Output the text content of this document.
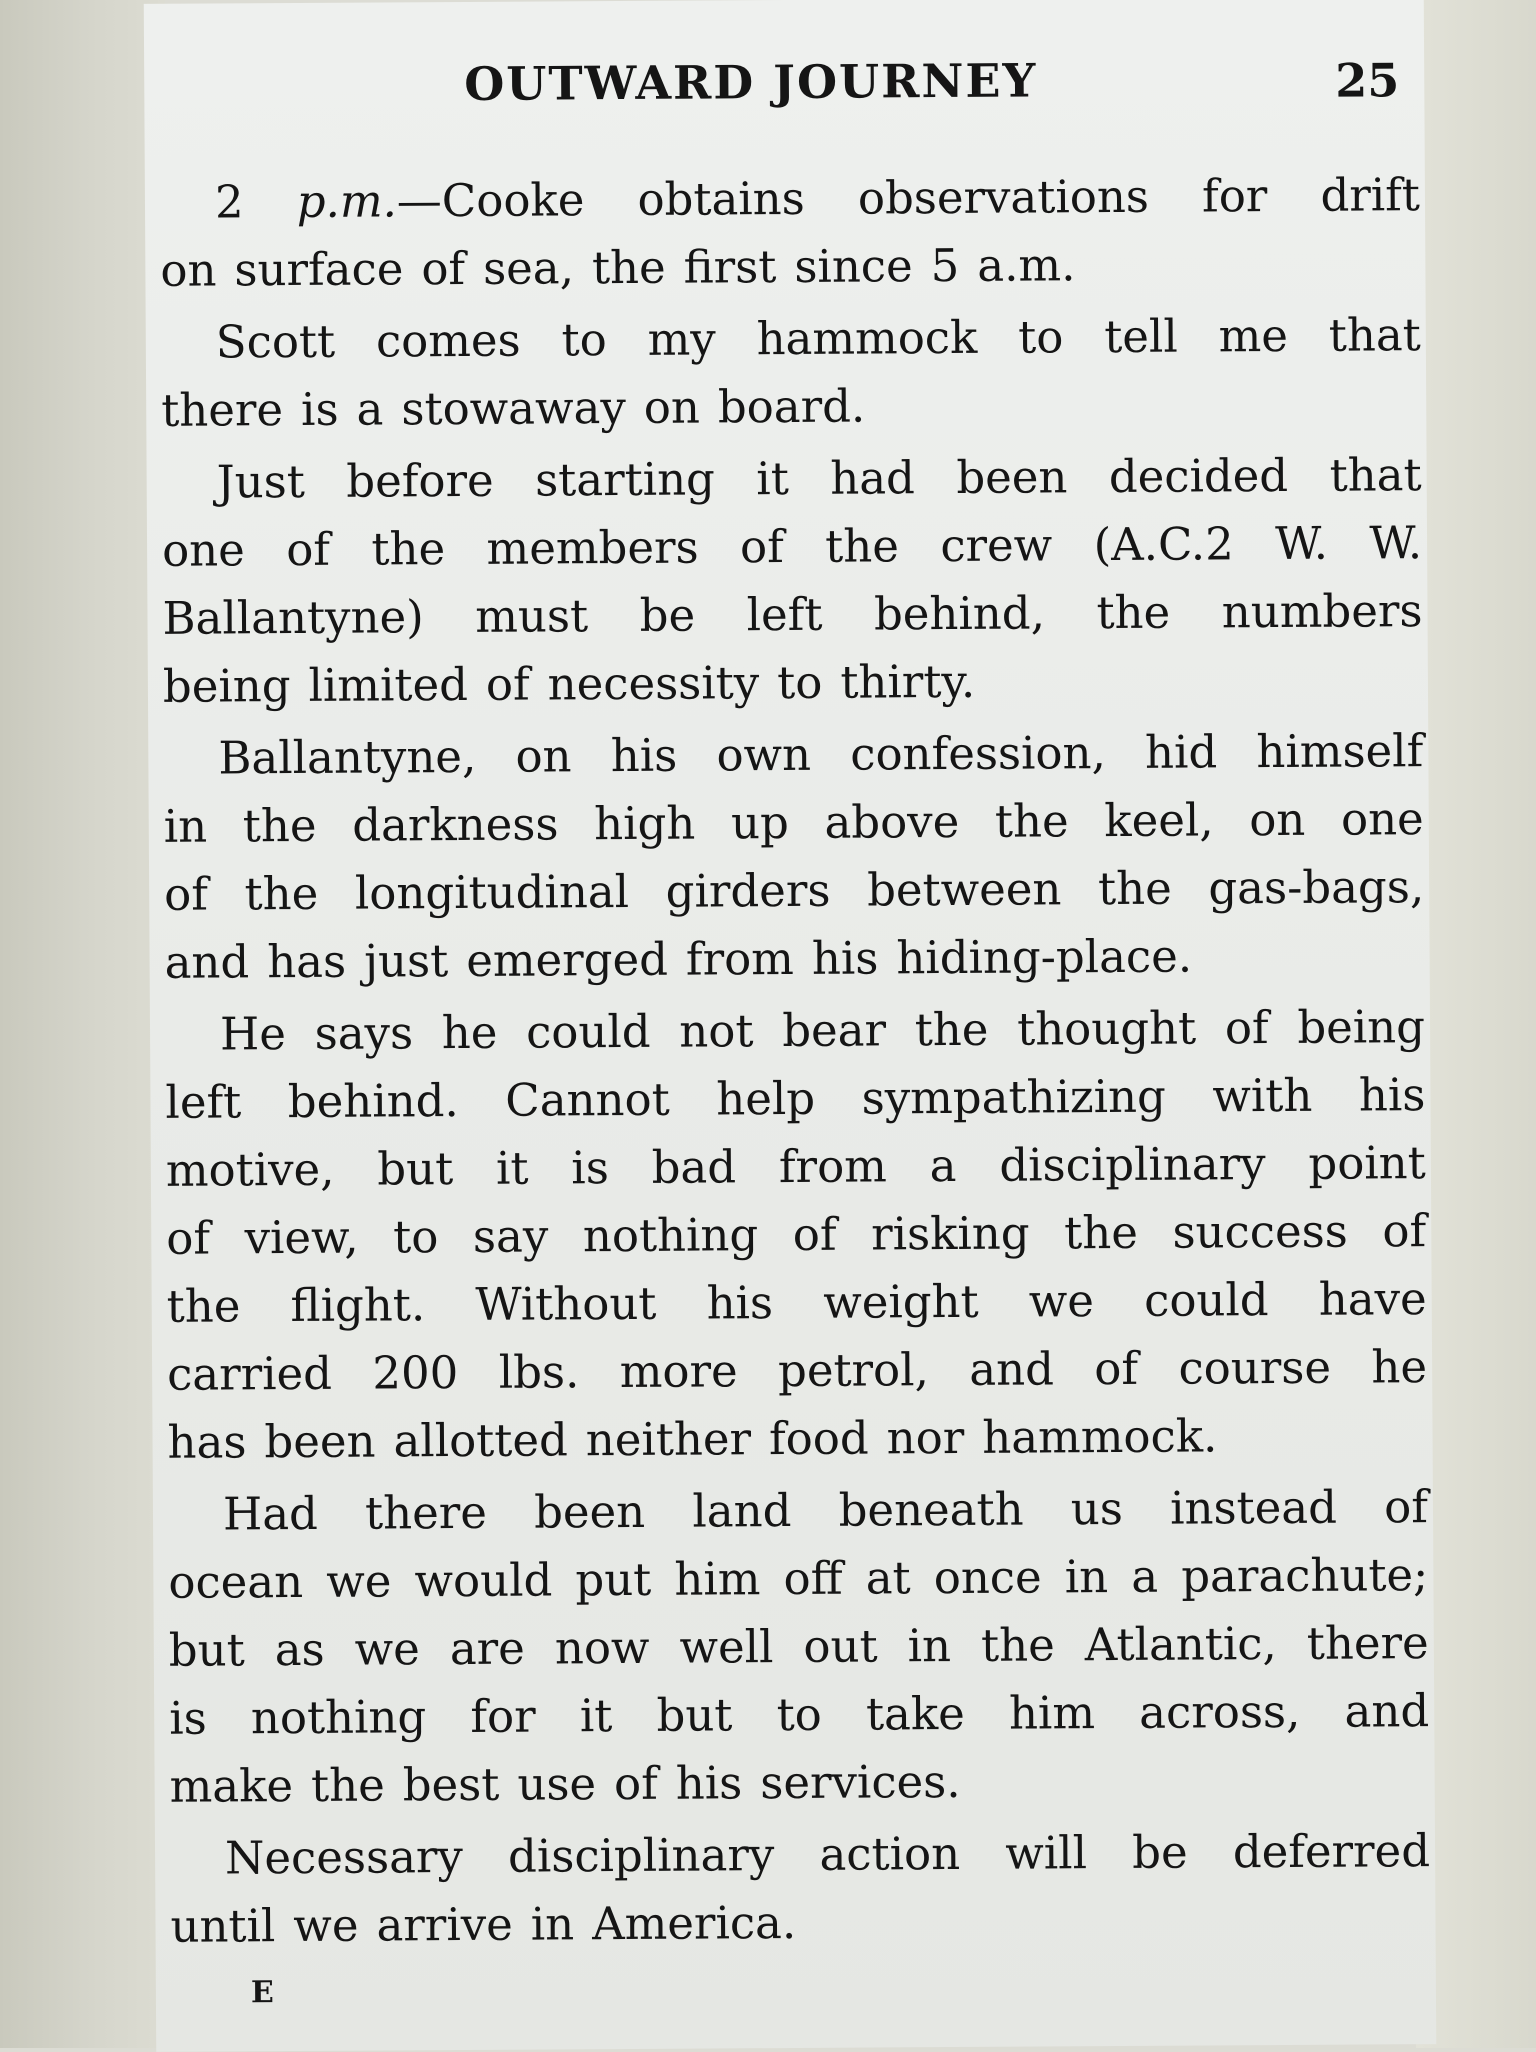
OUTWARD JOURNEY	25
2 p.m.—Cooke obtains observations for drift
on surface of sea, the first since 5 a.m.
Scott comes to my hammock to tell me that
there is a stowaway on board.
Just before starting it had been decided that
one of the members of the crew (A.C.2 W. W.
Ballantyne) must be left behind, the numbers
being limited of necessity to thirty.
Ballantyne, on his own confession, hid himself
in the darkness high up above the keel, on one
of the longitudinal girders between the gas-bags,
and has just emerged from his hiding-place.
He says he could not bear the thought of being
left behind. Cannot help sympathizing with his
motive, but it is bad from a disciplinary point
of view, to say nothing of risking the success of
the flight. Without his weight we could have
carried 200 lbs. more petrol, and of course he
has been allotted neither food nor hammock.
Had there been land beneath us instead of
ocean we would put him off at once in a parachute;
but as we are now well out in the Atlantic, there
is nothing for it but to take him across, and
make the best use of his services.
Necessary disciplinary action will be deferred
until we arrive in America.
E
